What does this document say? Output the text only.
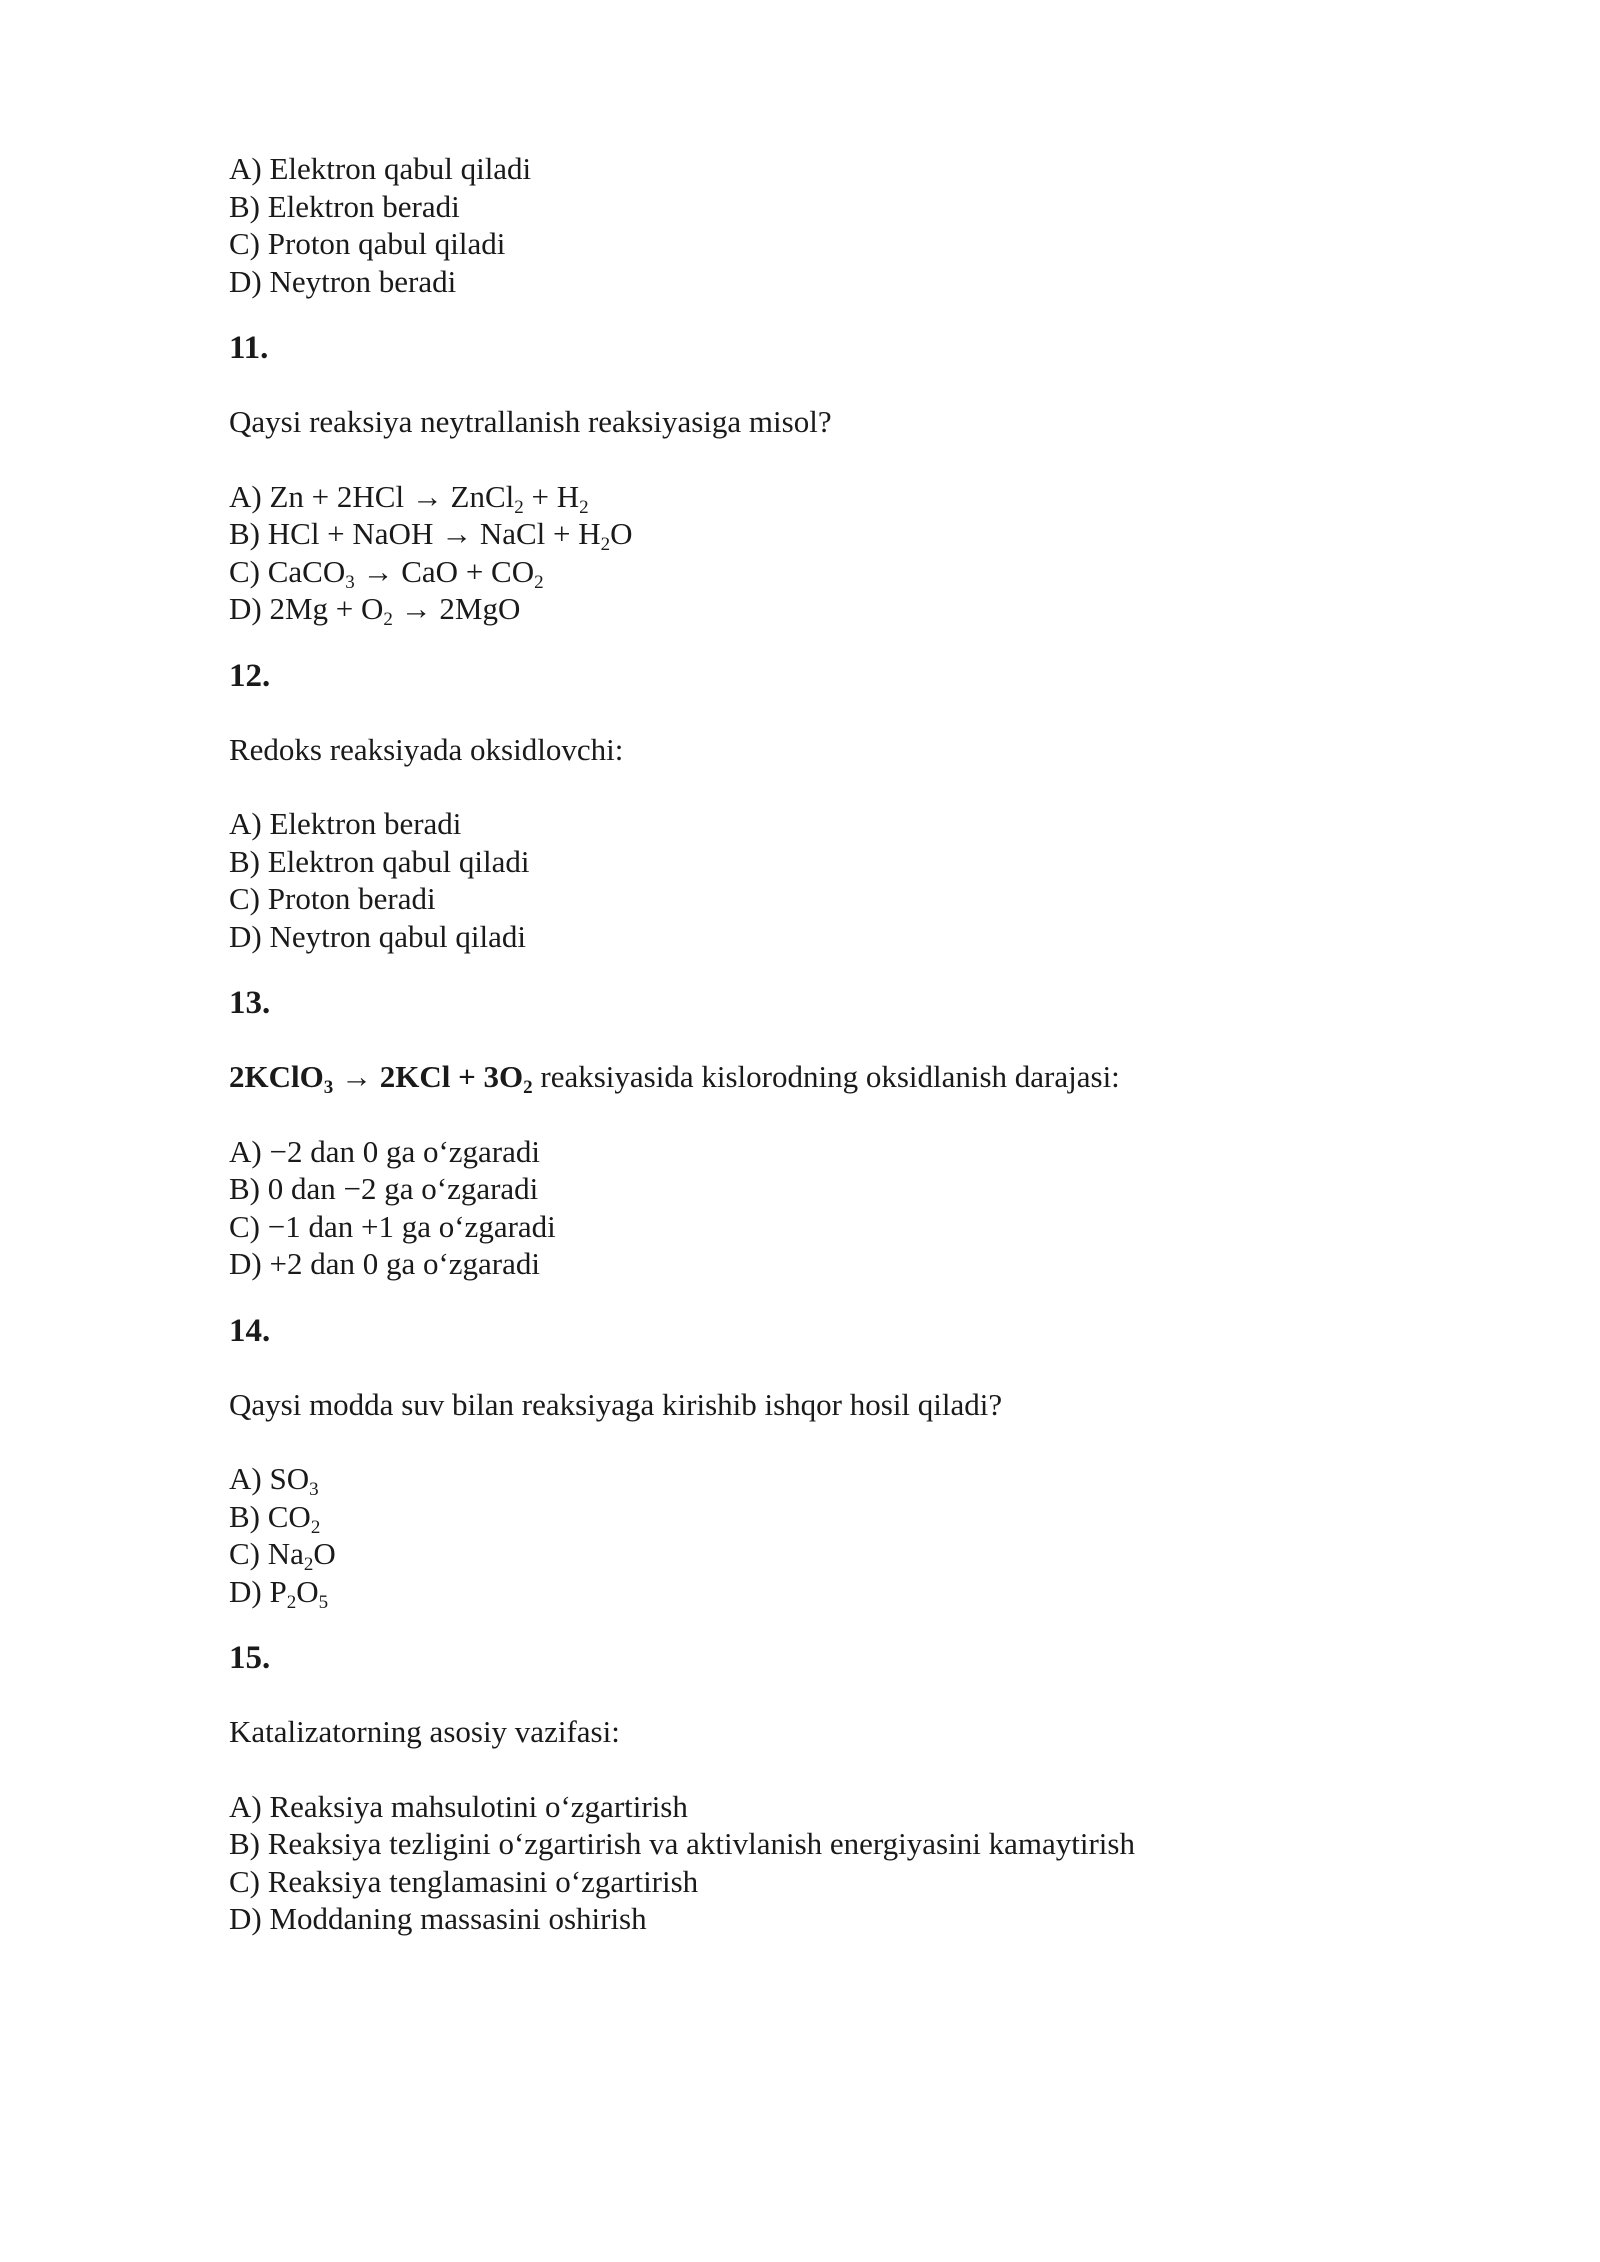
A) Elektron qabul qiladi
B) Elektron beradi
C) Proton qabul qiladi
D) Neytron beradi
11.
Qaysi reaksiya neytrallanish reaksiyasiga misol?
A) Zn + 2HCl → ZnCl$_2$ + $H_2$
B) HCl + NaOH → NaCl + $H_2O$
C) CaCO$_3$ → CaO + $CO_2$
D) $2Mg + O_2 \to 2MgO$
12.
Redoks reaksiyada oksidlovchi:
A) Elektron beradi
B) Elektron qabul qiladi
C) Proton beradi
D) Neytron qabul qiladi
13.
2KClO$_3$ → $2KCl + 3O_2$ reaksiyasida kislorodning oksidlanish darajasi:
A) −2 dan 0 ga o‘zgaradi
B) 0 dan −2 ga o‘zgaradi
C) −1 dan +1 ga o‘zgaradi
D) +2 dan 0 ga o‘zgaradi
14.
Qaysi modda suv bilan reaksiyaga kirishib ishqor hosil qiladi?
A) $SO_3$
B) $CO_2$
C) $Na_2O$
D) $P_2O_5$
15.
Katalizatorning asosiy vazifasi:
A) Reaksiya mahsulotini o‘zgartirish
B) Reaksiya tezligini o‘zgartirish va aktivlanish energiyasini kamaytirish
C) Reaksiya tenglamasini o‘zgartirish
D) Moddaning massasini oshirish
